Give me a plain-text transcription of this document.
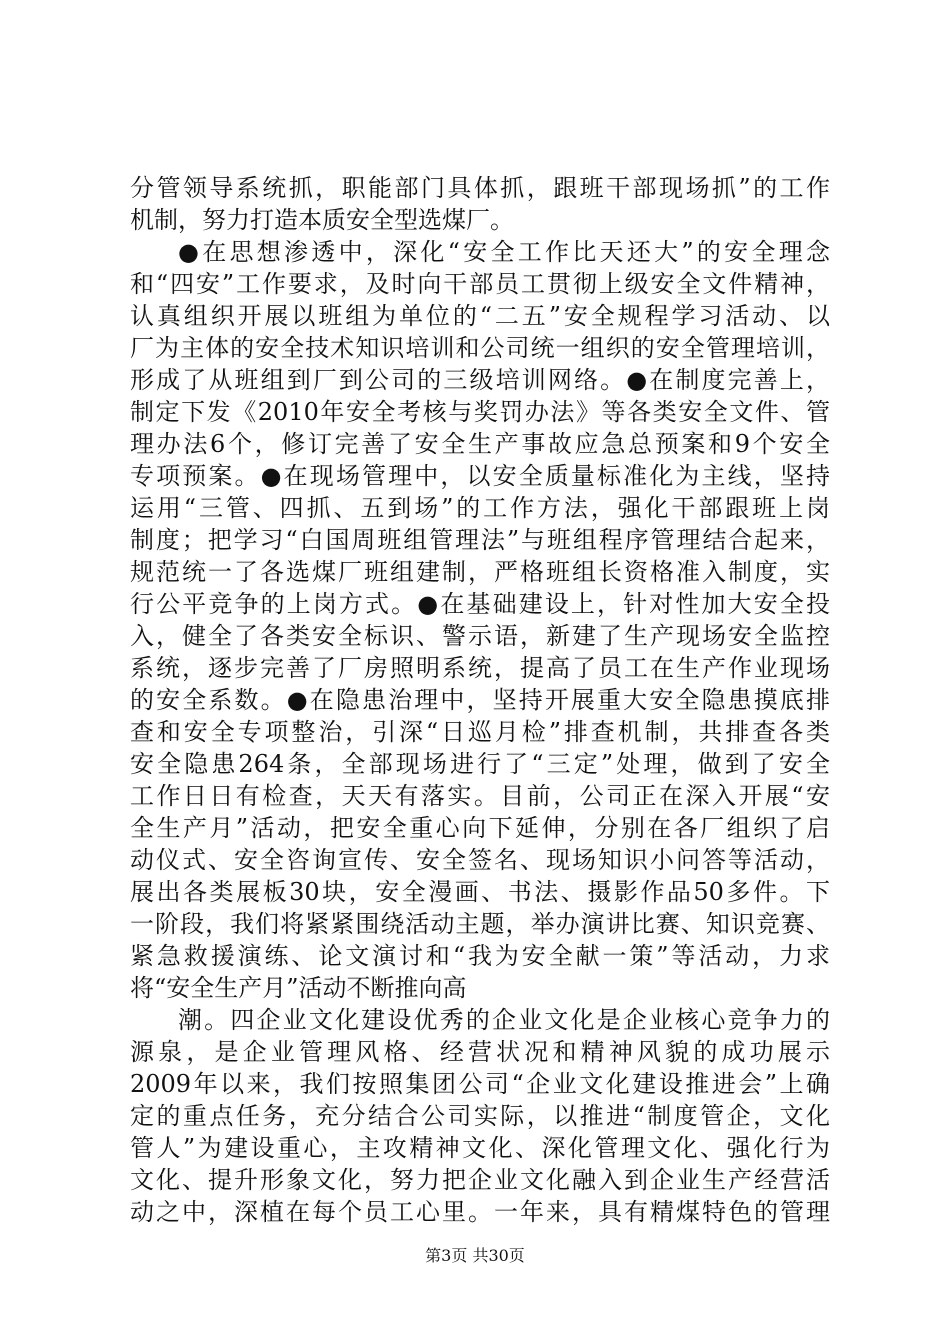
分管领导系统抓，职能部门具体抓，跟班干部现场抓”的工作
机制，努力打造本质安全型选煤厂。
●在思想渗透中，深化“安全工作比天还大”的安全理念
和“四安”工作要求，及时向干部员工贯彻上级安全文件精神，
认真组织开展以班组为单位的“二五”安全规程学习活动、以
厂为主体的安全技术知识培训和公司统一组织的安全管理培训，
形成了从班组到厂到公司的三级培训网络。●在制度完善上，
制定下发《2010年安全考核与奖罚办法》等各类安全文件、管
理办法6个，修订完善了安全生产事故应急总预案和9个安全
专项预案。●在现场管理中，以安全质量标准化为主线，坚持
运用“三管、四抓、五到场”的工作方法，强化干部跟班上岗
制度；把学习“白国周班组管理法”与班组程序管理结合起来，
规范统一了各选煤厂班组建制，严格班组长资格准入制度，实
行公平竞争的上岗方式。●在基础建设上，针对性加大安全投
入，健全了各类安全标识、警示语，新建了生产现场安全监控
系统，逐步完善了厂房照明系统，提高了员工在生产作业现场
的安全系数。●在隐患治理中，坚持开展重大安全隐患摸底排
查和安全专项整治，引深“日巡月检”排查机制，共排查各类
安全隐患264条，全部现场进行了“三定”处理，做到了安全
工作日日有检查，天天有落实。目前，公司正在深入开展“安
全生产月”活动，把安全重心向下延伸，分别在各厂组织了启
动仪式、安全咨询宣传、安全签名、现场知识小问答等活动，
展出各类展板30块，安全漫画、书法、摄影作品50多件。下
一阶段，我们将紧紧围绕活动主题，举办演讲比赛、知识竞赛、
紧急救援演练、论文演讨和“我为安全献一策”等活动，力求
将“安全生产月”活动不断推向高
潮。四企业文化建设优秀的企业文化是企业核心竞争力的
源泉，是企业管理风格、经营状况和精神风貌的成功展示
2009年以来，我们按照集团公司“企业文化建设推进会”上确
定的重点任务，充分结合公司实际，以推进“制度管企，文化
管人”为建设重心，主攻精神文化、深化管理文化、强化行为
文化、提升形象文化，努力把企业文化融入到企业生产经营活
动之中，深植在每个员工心里。一年来，具有精煤特色的管理
第3页 共30页
